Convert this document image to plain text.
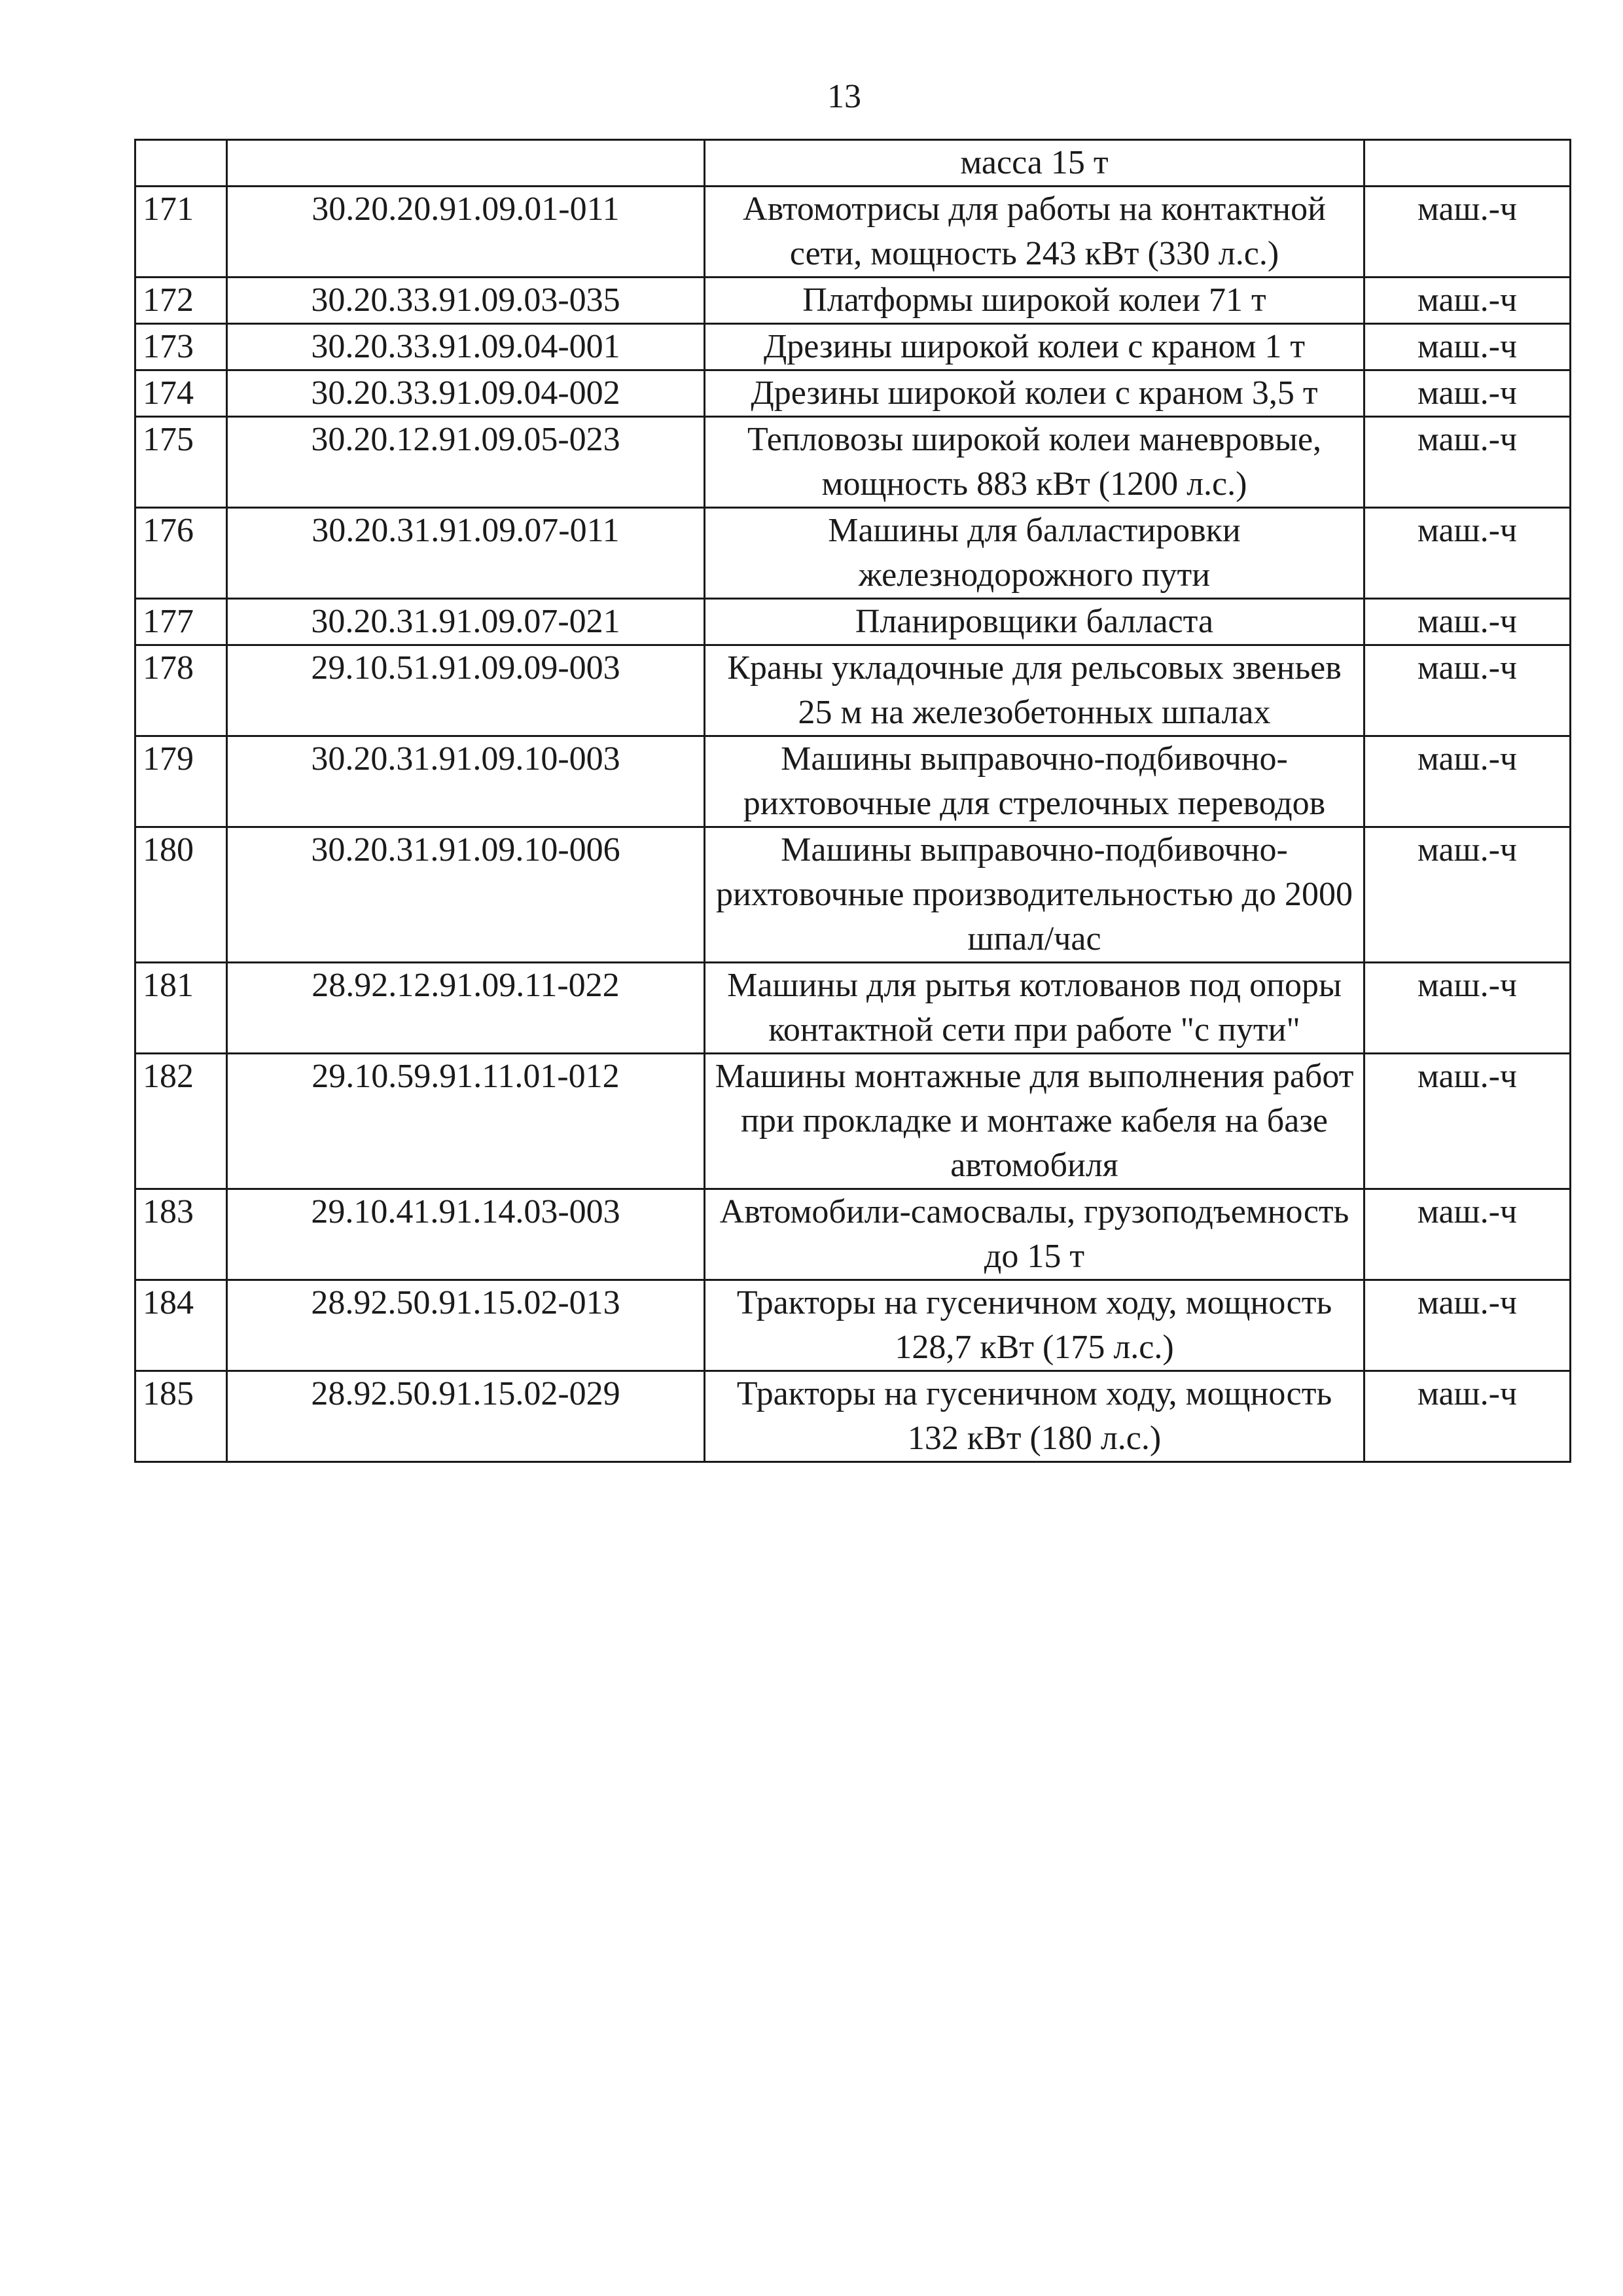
13
		масса 15 т	
171	30.20.20.91.09.01-011	Автомотрисы для работы на контактной сети, мощность 243 кВт (330 л.с.)	маш.-ч
172	30.20.33.91.09.03-035	Платформы широкой колеи 71 т	маш.-ч
173	30.20.33.91.09.04-001	Дрезины широкой колеи с краном 1 т	маш.-ч
174	30.20.33.91.09.04-002	Дрезины широкой колеи с краном 3,5 т	маш.-ч
175	30.20.12.91.09.05-023	Тепловозы широкой колеи маневровые, мощность 883 кВт (1200 л.с.)	маш.-ч
176	30.20.31.91.09.07-011	Машины для балластировки железнодорожного пути	маш.-ч
177	30.20.31.91.09.07-021	Планировщики балласта	маш.-ч
178	29.10.51.91.09.09-003	Краны укладочные для рельсовых звеньев 25 м на железобетонных шпалах	маш.-ч
179	30.20.31.91.09.10-003	Машины выправочно-подбивочно-рихтовочные для стрелочных переводов	маш.-ч
180	30.20.31.91.09.10-006	Машины выправочно-подбивочно-рихтовочные производительностью до 2000 шпал/час	маш.-ч
181	28.92.12.91.09.11-022	Машины для рытья котлованов под опоры контактной сети при работе "с пути"	маш.-ч
182	29.10.59.91.11.01-012	Машины монтажные для выполнения работ при прокладке и монтаже кабеля на базе автомобиля	маш.-ч
183	29.10.41.91.14.03-003	Автомобили-самосвалы, грузоподъемность до 15 т	маш.-ч
184	28.92.50.91.15.02-013	Тракторы на гусеничном ходу, мощность 128,7 кВт (175 л.с.)	маш.-ч
185	28.92.50.91.15.02-029	Тракторы на гусеничном ходу, мощность 132 кВт (180 л.с.)	маш.-ч
